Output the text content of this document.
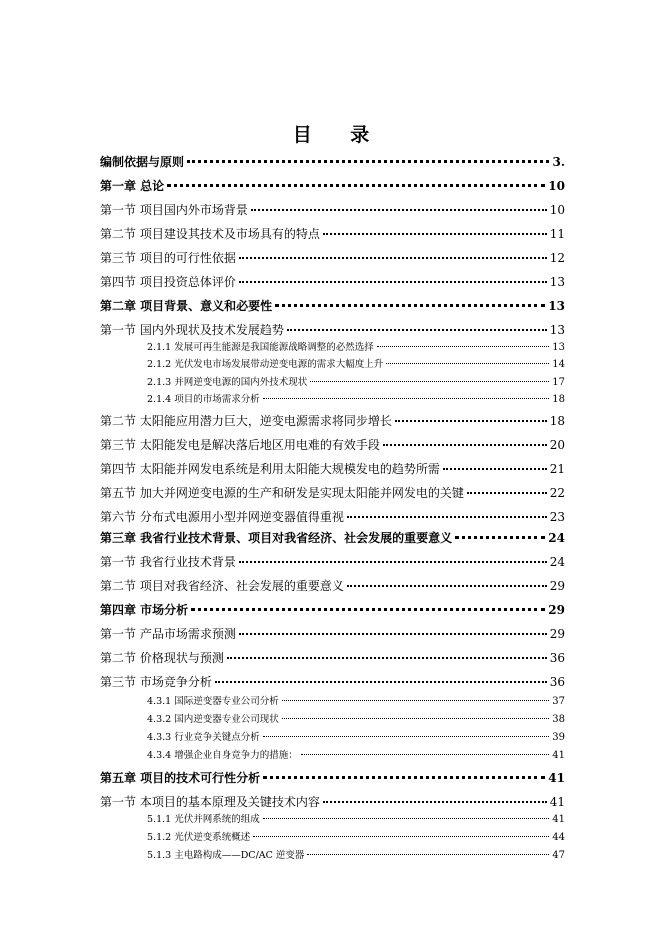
目 录
编制依据与原则	3.
第一章 总论	10
第一节 项目国内外市场背景	10
第二节 项目建设其技术及市场具有的特点	11
第三节 项目的可行性依据	12
第四节 项目投资总体评价	13
第二章 项目背景、意义和必要性	13
第一节 国内外现状及技术发展趋势	13
2.1.1 发展可再生能源是我国能源战略调整的必然选择	13
2.1.2 光伏发电市场发展带动逆变电源的需求大幅度上升	14
2.1.3 并网逆变电源的国内外技术现状	17
2.1.4 项目的市场需求分析	18
第二节 太阳能应用潜力巨大，逆变电源需求将同步增长	18
第三节 太阳能发电是解决落后地区用电难的有效手段	20
第四节 太阳能并网发电系统是利用太阳能大规模发电的趋势所需	21
第五节 加大并网逆变电源的生产和研发是实现太阳能并网发电的关键	22
第六节 分布式电源用小型并网逆变器值得重视	23
第三章 我省行业技术背景、项目对我省经济、社会发展的重要意义	24
第一节 我省行业技术背景	24
第二节 项目对我省经济、社会发展的重要意义	29
第四章 市场分析	29
第一节 产品市场需求预测	29
第二节 价格现状与预测	36
第三节 市场竞争分析	36
4.3.1 国际逆变器专业公司分析	37
4.3.2 国内逆变器专业公司现状	38
4.3.3 行业竞争关键点分析	39
4.3.4 增强企业自身竞争力的措施：	41
第五章 项目的技术可行性分析	41
第一节 本项目的基本原理及关键技术内容	41
5.1.1 光伏并网系统的组成	41
5.1.2 光伏逆变系统概述	44
5.1.3 主电路构成——DC/AC 逆变器	47
